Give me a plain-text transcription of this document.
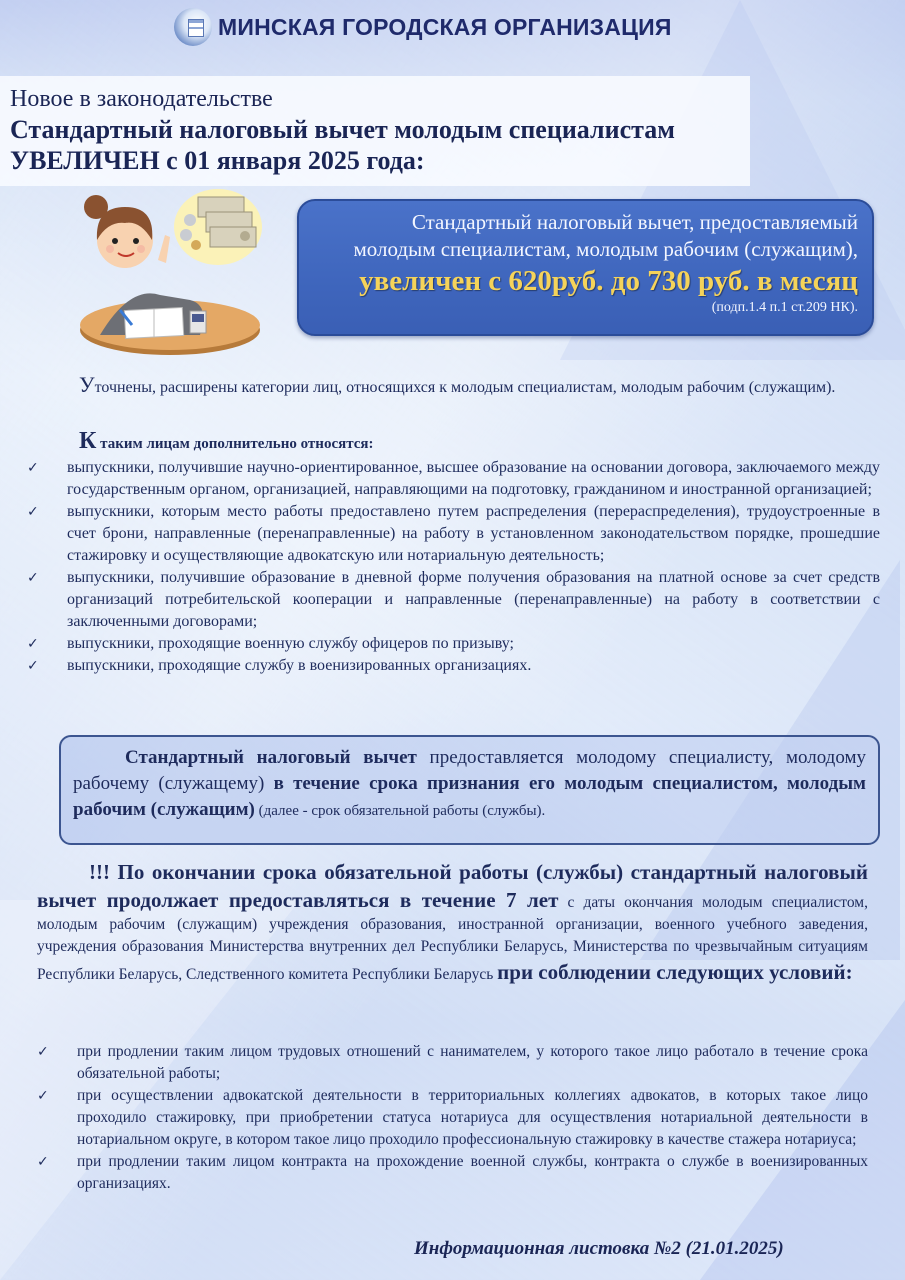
МИНСКАЯ ГОРОДСКАЯ ОРГАНИЗАЦИЯ
Новое в законодательстве
Стандартный налоговый вычет молодым специалистам
УВЕЛИЧЕН с 01 января 2025 года:
Стандартный налоговый вычет, предоставляемый
молодым специалистам, молодым рабочим (служащим),
увеличен с 620руб. до 730 руб. в месяц
(подп.1.4 п.1 ст.209 НК).

Уточнены, расширены категории лиц, относящихся к молодым специалистам, молодым рабочим (служащим).

К таким лицам дополнительно относятся:
✓ выпускники, получившие научно-ориентированное, высшее образование на основании договора, заключаемого между государственным органом, организацией, направляющими на подготовку, гражданином и иностранной организацией;
✓ выпускники, которым место работы предоставлено путем распределения (перераспределения), трудоустроенные в счет брони, направленные (перенаправленные) на работу в установленном законодательством порядке, прошедшие стажировку и осуществляющие адвокатскую или нотариальную деятельность;
✓ выпускники, получившие образование в дневной форме получения образования на платной основе за счет средств организаций потребительской кооперации и направленные (перенаправленные) на работу в соответствии с заключенными договорами;
✓ выпускники, проходящие военную службу офицеров по призыву;
✓ выпускники, проходящие службу в военизированных организациях.
Стандартный налоговый вычет предоставляется молодому специалисту, молодому рабочему (служащему) в течение срока признания его молодым специалистом, молодым рабочим (служащим) (далее - срок обязательной работы (службы).

!!! По окончании срока обязательной работы (службы) стандартный налоговый вычет продолжает предоставляться в течение 7 лет с даты окончания молодым специалистом, молодым рабочим (служащим) учреждения образования, иностранной организации, военного учебного заведения, учреждения образования Министерства внутренних дел Республики Беларусь, Министерства по чрезвычайным ситуациям Республики Беларусь, Следственного комитета Республики Беларусь при соблюдении следующих условий:

✓ при продлении таким лицом трудовых отношений с нанимателем, у которого такое лицо работало в течение срока обязательной работы;
✓ при осуществлении адвокатской деятельности в территориальных коллегиях адвокатов, в которых такое лицо проходило стажировку, при приобретении статуса нотариуса для осуществления нотариальной деятельности в нотариальном округе, в котором такое лицо проходило профессиональную стажировку в качестве стажера нотариуса;
✓ при продлении таким лицом контракта на прохождение военной службы, контракта о службе в военизированных организациях.
Информационная листовка №2 (21.01.2025)
